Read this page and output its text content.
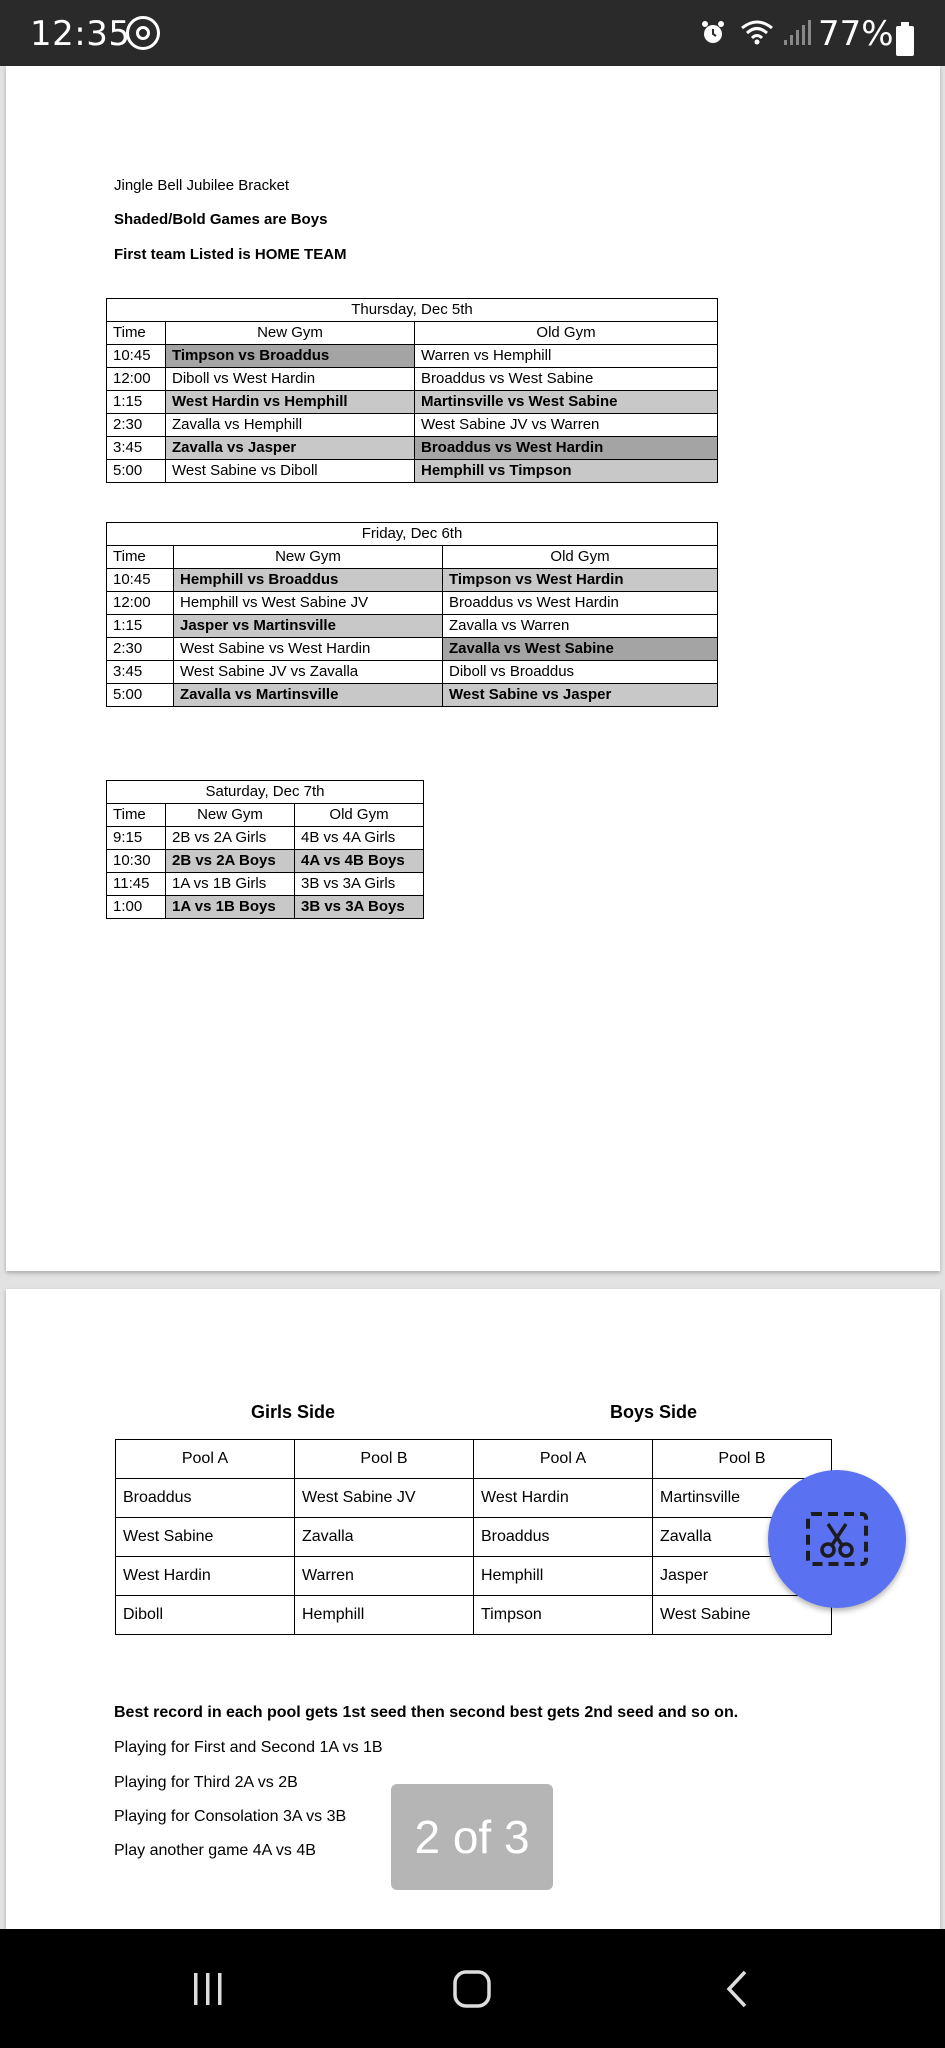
12:35	77%
Jingle Bell Jubilee Bracket
Shaded/Bold Games are Boys
First team Listed is HOME TEAM
Thursday, Dec 5th		
Time	New Gym	Old Gym
10:45	Timpson vs Broaddus	Warren vs Hemphill
12:00	Diboll vs West Hardin	Broaddus vs West Sabine
1:15	West Hardin vs Hemphill	Martinsville vs West Sabine
2:30	Zavalla vs Hemphill	West Sabine JV vs Warren
3:45	Zavalla vs Jasper	Broaddus vs West Hardin
5:00	West Sabine vs Diboll	Hemphill vs Timpson
Friday, Dec 6th		
Time	New Gym	Old Gym
10:45	Hemphill vs Broaddus	Timpson vs West Hardin
12:00	Hemphill vs West Sabine JV	Broaddus vs West Hardin
1:15	Jasper vs Martinsville	Zavalla vs Warren
2:30	West Sabine vs West Hardin	Zavalla vs West Sabine
3:45	West Sabine JV vs Zavalla	Diboll vs Broaddus
5:00	Zavalla vs Martinsville	West Sabine vs Jasper
Saturday, Dec 7th		
Time	New Gym	Old Gym
9:15	2B vs 2A Girls	4B vs 4A Girls
10:30	2B vs 2A Boys	4A vs 4B Boys
11:45	1A vs 1B Girls	3B vs 3A Girls
1:00	1A vs 1B Boys	3B vs 3A Boys
Girls Side	Boys Side
Pool A	Pool B	Pool A	Pool B
Broaddus	West Sabine JV	West Hardin	Martinsville
West Sabine	Zavalla	Broaddus	Zavalla
West Hardin	Warren	Hemphill	Jasper
Diboll	Hemphill	Timpson	West Sabine
Best record in each pool gets 1st seed then second best gets 2nd seed and so on.
Playing for First and Second 1A vs 1B
Playing for Third 2A vs 2B
Playing for Consolation 3A vs 3B
Play another game 4A vs 4B	2 of 3
